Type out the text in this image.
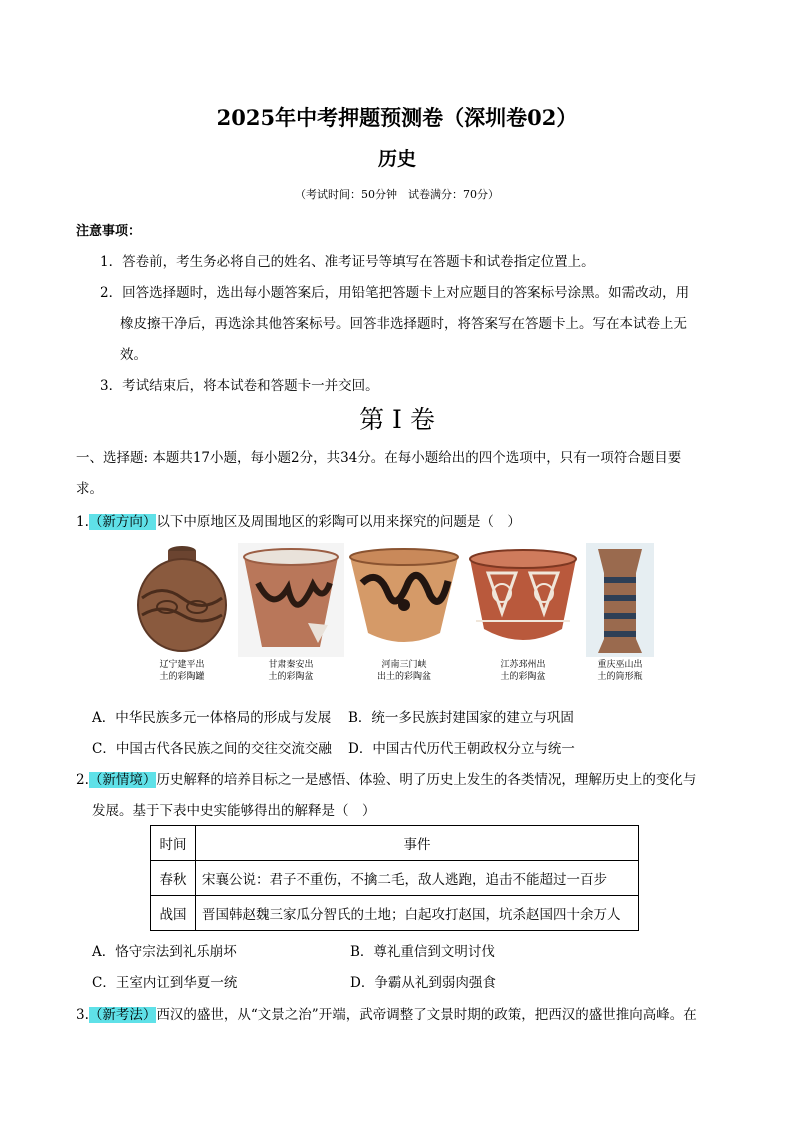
2025年中考押题预测卷（深圳卷02）
历史
（考试时间：50分钟　试卷满分：70分）
注意事项：
1．答卷前，考生务必将自己的姓名、准考证号等填写在答题卡和试卷指定位置上。
2．回答选择题时，选出每小题答案后，用铅笔把答题卡上对应题目的答案标号涂黑。如需改动，用
橡皮擦干净后，再选涂其他答案标号。回答非选择题时，将答案写在答题卡上。写在本试卷上无
效。
3．考试结束后，将本试卷和答题卡一并交回。
第 I 卷
一、选择题: 本题共17小题，每小题2分，共34分。在每小题给出的四个选项中，只有一项符合题目要
求。
1.（新方向）以下中原地区及周围地区的彩陶可以用来探究的问题是（　）
辽宁建平出
土的彩陶罐
甘肃秦安出
土的彩陶盆
河南三门峡
出土的彩陶盆
江苏邳州出
土的彩陶盆
重庆巫山出
土的筒形瓶
A．中华民族多元一体格局的形成与发展 B．统一多民族封建国家的建立与巩固
C．中国古代各民族之间的交往交流交融 D．中国古代历代王朝政权分立与统一
2.（新情境）历史解释的培养目标之一是感悟、体验、明了历史上发生的各类情况，理解历史上的变化与
发展。基于下表中史实能够得出的解释是（　）
时间	事件
春秋	宋襄公说：君子不重伤，不擒二毛，敌人逃跑，追击不能超过一百步
战国	晋国韩赵魏三家瓜分智氏的土地；白起攻打赵国，坑杀赵国四十余万人
A．恪守宗法到礼乐崩坏	B．尊礼重信到文明讨伐
C．王室内讧到华夏一统	D．争霸从礼到弱肉强食
3.（新考法）西汉的盛世，从“文景之治”开端，武帝调整了文景时期的政策，把西汉的盛世推向高峰。在
